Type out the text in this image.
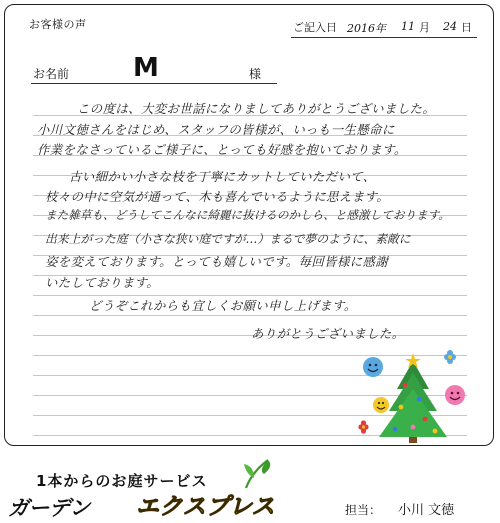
お客様の声	ご記入日 2016年 11 月 24 日
お名前 M	様
この度は、大変お世話になりましてありがとうございました。
小川文徳さんをはじめ、スタッフの皆様が、いっも一生懸命に
作業をなさっているご様子に、とっても好感を抱いております。
古い細かい小さな枝を丁寧にカットしていただいて、
枝々の中に空気が通って、木も喜んでいるように思えます。
また雑草も、どうしてこんなに綺麗に抜けるのかしら、と感激しております。
出来上がった庭（小さな狭い庭ですが…）まるで夢のように、素敵に
姿を変えております。とっても嬉しいです。毎回皆様に感謝
いたしております。
どうぞこれからも宜しくお願い申し上げます。
ありがとうございました。
1本からのお庭サービス
ガーデン エクスプレス	担当： 小川 文徳
